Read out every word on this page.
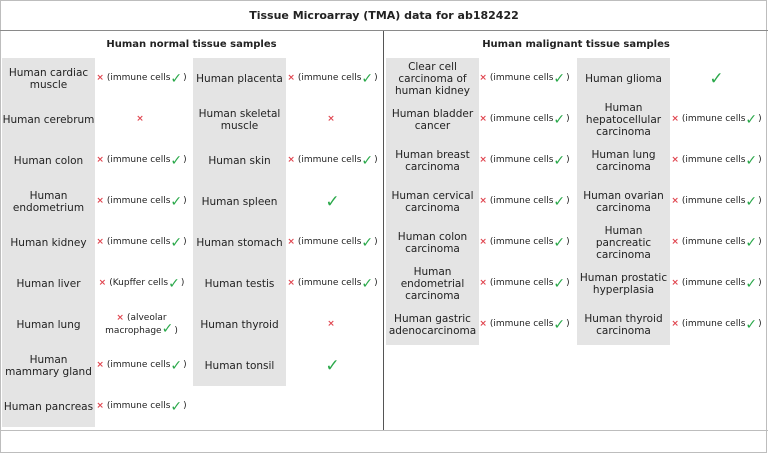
Tissue Microarray (TMA) data for ab182422
Human normal tissue samples	Human malignant tissue samples
Human cardiac muscle
Human cerebrum
Human colon
Human endometrium
Human kidney
Human liver
Human lung
Human mammary gland
Human pancreas
× (immune cells ✓ )
×
× (immune cells ✓ )
× (immune cells ✓ )
× (immune cells ✓ )
× (Kupffer cells ✓ )
× (alveolar
macrophage✓)
× (immune cells ✓ )
× (immune cells ✓ )
Human placenta
Human skeletal muscle
Human skin
Human spleen
Human stomach
Human testis
Human thyroid
Human tonsil
× (immune cells ✓ )
×
× (immune cells ✓ )
✓
× (immune cells ✓ )
× (immune cells ✓ )
×
✓
Clear cell carcinoma of human kidney
Human bladder cancer
Human breast carcinoma
Human cervical carcinoma
Human colon carcinoma
Human endometrial carcinoma
Human gastric adenocarcinoma
× (immune cells ✓ )
× (immune cells ✓ )
× (immune cells ✓ )
× (immune cells ✓ )
× (immune cells ✓ )
× (immune cells ✓ )
× (immune cells ✓ )
Human glioma
Human hepatocellular carcinoma
Human lung carcinoma
Human ovarian carcinoma
Human pancreatic carcinoma
Human prostatic hyperplasia
Human thyroid carcinoma
✓
× (immune cells ✓ )
× (immune cells ✓ )
× (immune cells ✓ )
× (immune cells ✓ )
× (immune cells ✓ )
× (immune cells ✓ )
